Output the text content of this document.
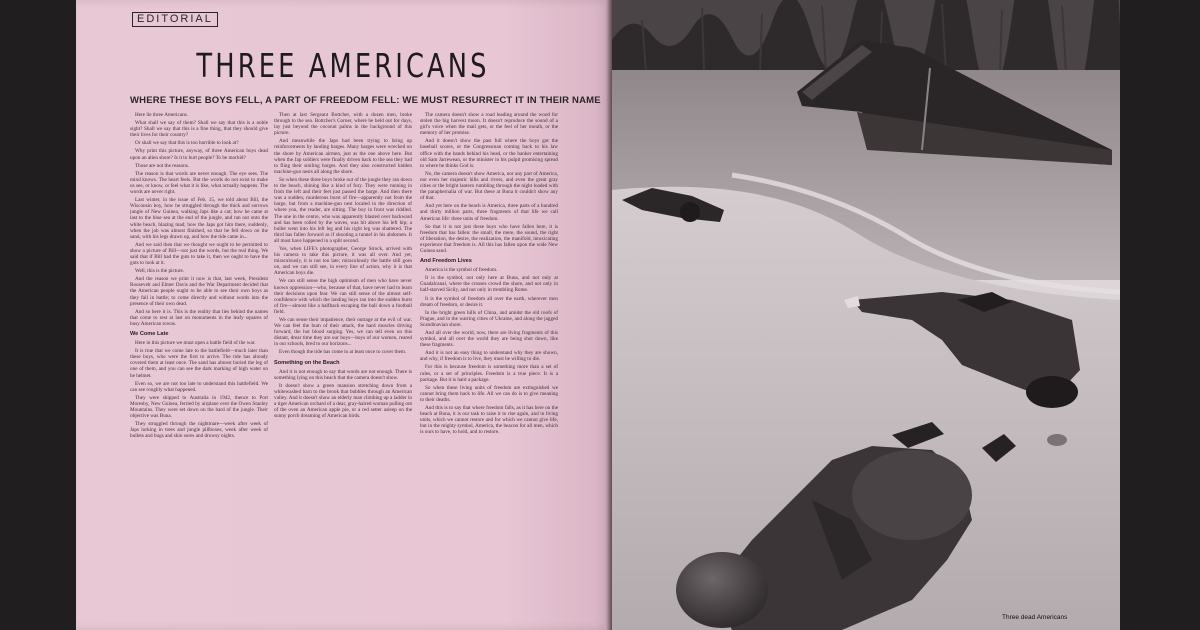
EDITORIAL
THREE AMERICANS
WHERE THESE BOYS FELL, A PART OF FREEDOM FELL: WE MUST RESURRECT IT IN THEIR NAME

Here lie three Americans.

What shall we say of them? Shall we say that this is a noble sight? Shall we say that this is a fine thing, that they should give their lives for their country?

Or shall we say that this is too horrible to look at?

Why print this picture, anyway, of three American boys dead upon an alien shore? Is it to hurt people? To be morbid?

Those are not the reasons.

The reason is that words are never enough. The eye sees. The mind knows. The heart feels. But the words do not exist to make us see, or know, or feel what it is like, what actually happens. The words are never right.

Last winter, in the issue of Feb. 15, we told about Bill, the Wisconsin boy, how he struggled through the thick and sorrows jungle of New Guinea, walking Japs like a cat; how he came at last to the blue sea at the end of the jungle, and ran out onto the white beach, blazing mad; how the Japs got him there, suddenly, when the job was almost finished, so that he fell down on the sand, with his legs drawn up, and how the tide came in...

And we said then that we thought we ought to be permitted to show a picture of Bill—not just the words, but the real thing. We said that if Bill had the guts to take it, then we ought to have the guts to look at it.

Well, this is the picture.

And the reason we print it now is that, last week, President Roosevelt and Elmer Davis and the War Department decided that the American people ought to be able to see their own boys as they fall in battle; to come directly and without words into the presence of their own dead.

And so here it is. This is the reality that lies behind the names that come to rest at last on monuments in the leafy squares of busy American towns.

We Come Late

Here in this picture we must open a battle field of the war.

It is true that we come late to the battlefield—much later than these boys, who were the first to arrive. The tide has already covered them at least once. The sand has almost buried the leg of one of them, and you can see the dark marking of high water on he helmet.

Even so, we are not too late to understand this battlefield. We can see roughly what happened.

They were shipped to Australia in 1942, thence to Port Moresby, New Guinea, ferried by airplane over the Owen Stanley Mountains. They were set down on the hard of the jungle. Their objective was Buna.

They struggled through the nightmare—week after week of Japs lurking in trees and jungle pillboxes, week after week of bullets and bugs and skin sores and drowsy nights.

Then at last Sergeant Bottcher, with a dozen men, broke through to the sea. Bottcher's Corner, where he held out for days, lay just beyond the coconut palms in the background of this picture.

And meanwhile the Japs had been trying to bring up reinforcements by landing barges. Many barges were wrecked on the shore by American airmen, just as the one above here. But when the Jap soldiers were finally driven back to the sea they had to fling their smiling barges. And they also constructed hidden machine-gun nests all along the shore.

So when these three boys broke out of the jungle they ran down to the beach, shining like a kind of fury. They were running in from the left and their feet just passed the barge. And then there was a sudden, murderous burst of fire—apparently not from the barge, but from a machine-gun nest located in the direction of where you, the reader, are sitting. The boy in front was riddled. The one in the centre, who was apparently blasted over backward and has been rolled by the waves, was hit above his left hip; a bullet went into his left leg and his right leg was shattered. The third has fallen forward as if shooting a tunnel in his abdomen. It all must have happened in a split second.

Yes, when LIFE's photographer, George Strock, arrived with his camera to take this picture, it was all over. And yet, miraculously, it is not too late; miraculously the battle still goes on, and we can still see, in every line of action, why it is that American boys die.

We can still sense the high optimism of men who have never known oppression—who, because of that, have never had to learn their decisions upon fear. We can still sense of the almost self-confidence with which the landing boys ran into the sudden burst of fire—almost like a halfback escaping the ball down a football field.

We can sense their impatience, their outrage at the evil of war. We can feel the hum of their attack, the hard muscles driving forward, the hot blood surging. Yes, we can tell even on this distant, drear time they are our boys—boys of our women, reared in our schools, bred to our horizons...

Even though the tide has come in at least once to cover them.

Something on the Beach

And it is not enough to say that words are not enough. There is something lying on this beach that the camera doesn't show.

It doesn't show a green mansion stretching down from a whitewashed barn to the brook that bubbles through an American valley. And it doesn't show an elderly man climbing up a ladder in a tiger American orchard of a dear, gray-haired woman pulling out of the oven an American apple pie, or a red setter asleep on the sunny porch dreaming of American birds.

The camera doesn't show a road leading around the wood for stolen the big harvest moon. It doesn't reproduce the sound of a girl's voice when the mail gets, or the feel of her mouth, or the memory of her promise.

And it doesn't show the past full where the boys got the baseball scores, or the Congressman coming back to his law office with the bands behind his head, or the banker entertaining old Sam Jarrewean, or the minister in his pulpit promising spread to where he thinks God is.

No, the camera doesn't show America, nor any part of America, nor even her majestic hills and rivers, and even the great gray cities or the bright lantern rumbling through the night loaded with the paraphernalia of war. But these at Buna it couldn't show any of that.

And yet here on the beach is America, three parts of a hundred and thirty million parts, three fragments of that life we call American life: three units of freedom.

So that it is not just these boys who have fallen here, it is freedom that has fallen: the small, the mere, the sound, the right of liberation, the desire, the realization, the manifold, intoxicating experience that freedom is. All this has fallen upon the wide New Guinea sand.

And Freedom Lives

America is the symbol of freedom.

It is the symbol, not only here at Buna, and not only at Guadalcanal, where the crosses crowd the shore, and not only in half-starved Sicily, and not only in trembling Rome.

It is the symbol of freedom all over the earth, wherever men dream of freedom, or desire it.

In the bright green hills of China, and amidst the old roofs of Prague, and in the warring cities of Ukraine, and along the jagged Scandinavian shore.

And all over the world, now, there are living fragments of this symbol, and all over the world they are being shot down, like these fragments.

And it is not an easy thing to understand why they are shown, and why, if freedom is to live, they must be willing to die.

For this is because freedom is something more than a set of rules, or a set of principles. Freedom is a true piece. It is a package. But it is hard a package.

So when these living units of freedom are extinguished we cannot bring them back to life. All we can do is to give meaning to their deaths.

And this is to say that where freedom falls, as it has here on the beach at Buna, it is our task to raise it to rise again, and in living units, which we cannot restore and for which we cannot give life, but in the mighty symbol, America, the beacon for all men, which is ours to have, to hold, and to restore.

Three dead Americans
